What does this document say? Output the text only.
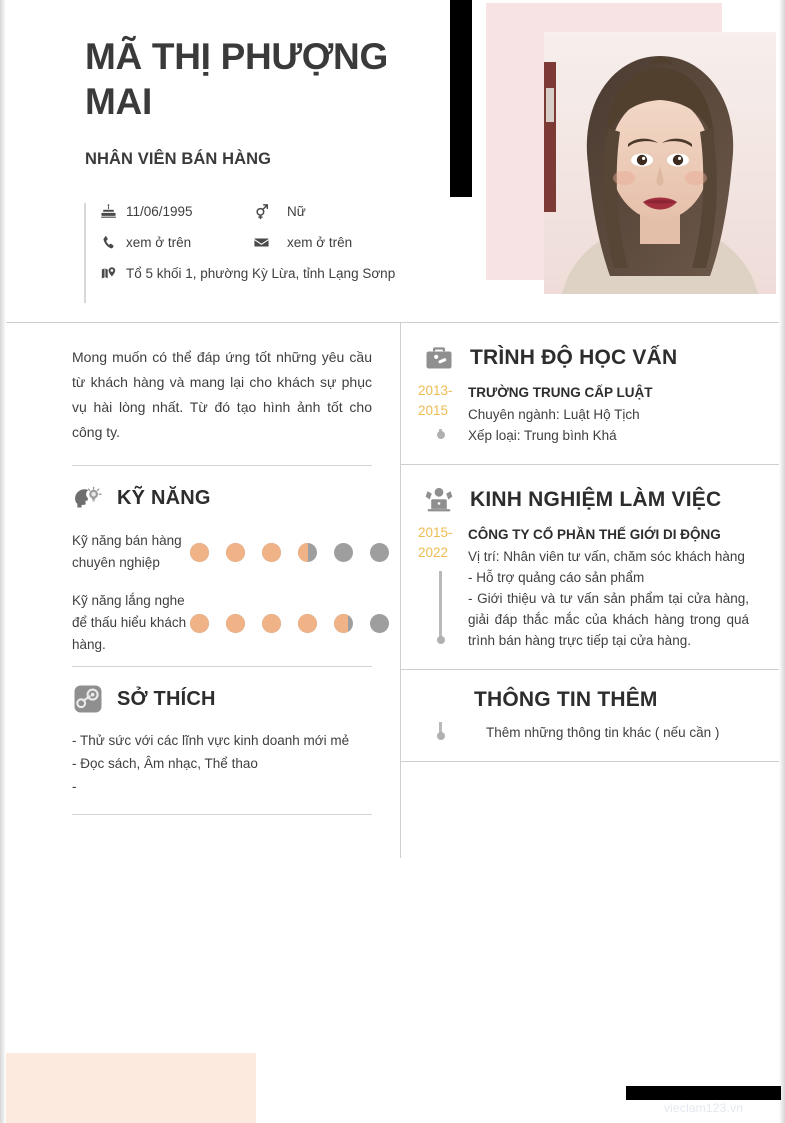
MÃ THỊ PHƯỢNG MAI
NHÂN VIÊN BÁN HÀNG
11/06/1995	Nữ
xem ở trên	xem ở trên
Tổ 5 khối 1, phường Kỳ Lừa, tỉnh Lạng Sơnp
Mong muốn có thể đáp ứng tốt những yêu cầu từ khách hàng và mang lại cho khách sự phục vụ hài lòng nhất. Từ đó tạo hình ảnh tốt cho công ty.
KỸ NĂNG
Kỹ năng bán hàng chuyên nghiệp
Kỹ năng lắng nghe để thấu hiểu khách hàng.
SỞ THÍCH
- Thử sức với các lĩnh vực kinh doanh mới mẻ
- Đọc sách, Âm nhạc, Thể thao
-
TRÌNH ĐỘ HỌC VẤN
2013-
2015
TRƯỜNG TRUNG CẤP LUẬT

Chuyên ngành: Luật Hộ Tịch

Xếp loại: Trung bình Khá

KINH NGHIỆM LÀM VIỆC
2015-
2022
CÔNG TY CỔ PHẦN THẾ GIỚI DI ĐỘNG

Vị trí: Nhân viên tư vấn, chăm sóc khách hàng

- Hỗ trợ quảng cáo sản phẩm

- Giới thiệu và tư vấn sản phẩm tại cửa hàng, giải đáp thắc mắc của khách hàng trong quá trình bán hàng trực tiếp tại cửa hàng.

THÔNG TIN THÊM
Thêm những thông tin khác ( nếu cần )
vieclam123.vn
